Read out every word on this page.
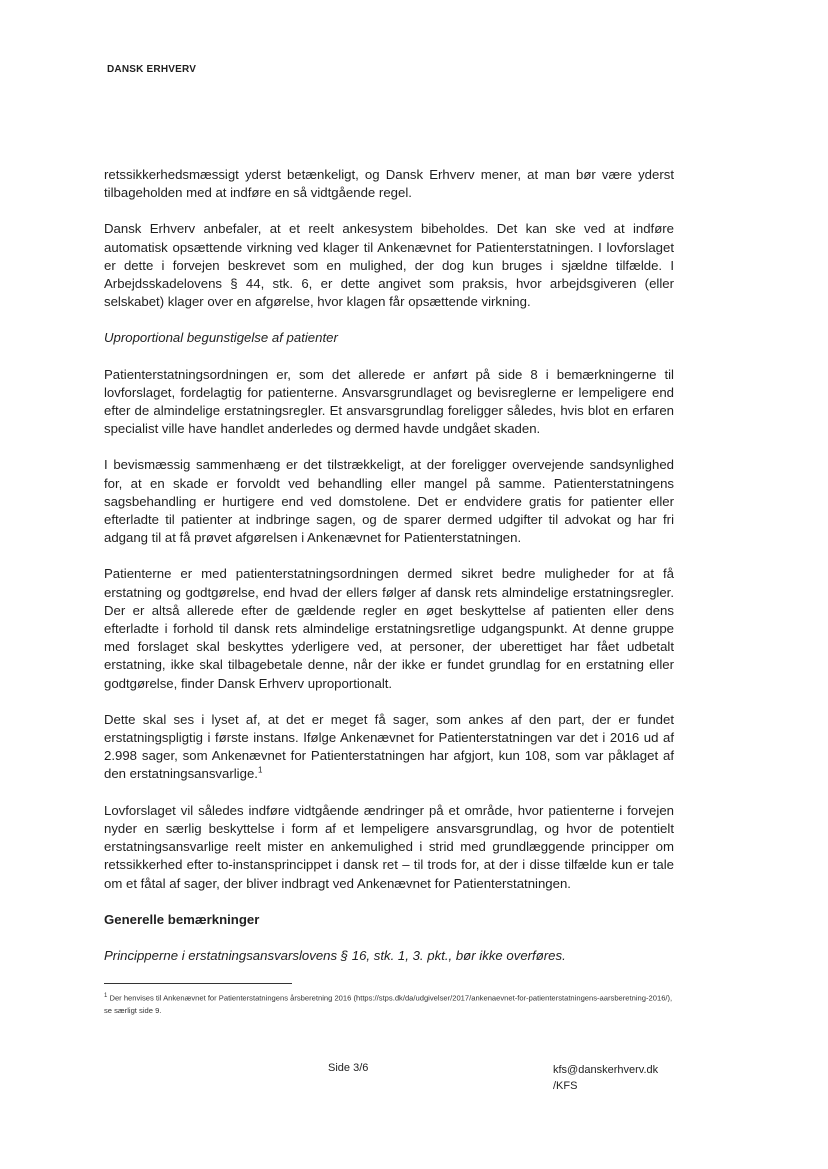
DANSK ERHVERV

retssikkerhedsmæssigt yderst betænkeligt, og Dansk Erhverv mener, at man bør være yderst tilbageholden med at indføre en så vidtgående regel.

Dansk Erhverv anbefaler, at et reelt ankesystem bibeholdes. Det kan ske ved at indføre automatisk opsættende virkning ved klager til Ankenævnet for Patienterstatningen. I lovforslaget er dette i forvejen beskrevet som en mulighed, der dog kun bruges i sjældne tilfælde. I Arbejdsskadelovens § 44, stk. 6, er dette angivet som praksis, hvor arbejdsgiveren (eller selskabet) klager over en afgørelse, hvor klagen får opsættende virkning.

Uproportional begunstigelse af patienter

Patienterstatningsordningen er, som det allerede er anført på side 8 i bemærkningerne til lovforslaget, fordelagtig for patienterne. Ansvarsgrundlaget og bevisreglerne er lempeligere end efter de almindelige erstatningsregler. Et ansvarsgrundlag foreligger således, hvis blot en erfaren specialist ville have handlet anderledes og dermed havde undgået skaden.

I bevismæssig sammenhæng er det tilstrækkeligt, at der foreligger overvejende sandsynlighed for, at en skade er forvoldt ved behandling eller mangel på samme. Patienterstatningens sagsbehandling er hurtigere end ved domstolene. Det er endvidere gratis for patienter eller efterladte til patienter at indbringe sagen, og de sparer dermed udgifter til advokat og har fri adgang til at få prøvet afgørelsen i Ankenævnet for Patienterstatningen.

Patienterne er med patienterstatningsordningen dermed sikret bedre muligheder for at få erstatning og godtgørelse, end hvad der ellers følger af dansk rets almindelige erstatningsregler. Der er altså allerede efter de gældende regler en øget beskyttelse af patienten eller dens efterladte i forhold til dansk rets almindelige erstatningsretlige udgangspunkt. At denne gruppe med forslaget skal beskyttes yderligere ved, at personer, der uberettiget har fået udbetalt erstatning, ikke skal tilbagebetale denne, når der ikke er fundet grundlag for en erstatning eller godtgørelse, finder Dansk Erhverv uproportionalt.

Dette skal ses i lyset af, at det er meget få sager, som ankes af den part, der er fundet erstatningspligtig i første instans. Ifølge Ankenævnet for Patienterstatningen var det i 2016 ud af 2.998 sager, som Ankenævnet for Patienterstatningen har afgjort, kun 108, som var påklaget af den erstatningsansvarlige.$^1$

Lovforslaget vil således indføre vidtgående ændringer på et område, hvor patienterne i forvejen nyder en særlig beskyttelse i form af et lempeligere ansvarsgrundlag, og hvor de potentielt erstatningsansvarlige reelt mister en ankemulighed i strid med grundlæggende principper om retssikkerhed efter to-instansprincippet i dansk ret – til trods for, at der i disse tilfælde kun er tale om et fåtal af sager, der bliver indbragt ved Ankenævnet for Patienterstatningen.

Generelle bemærkninger

Principperne i erstatningsansvarslovens § 16, stk. 1, 3. pkt., bør ikke overføres.

$^1$ Der henvises til Ankenævnet for Patienterstatningens årsberetning 2016 (https://stps.dk/da/udgivelser/2017/ankenaevnet-for-patienterstatningens-aarsberetning-2016/), se særligt side 9.
Side 3/6	kfs@danskerhverv.dk
/KFS
